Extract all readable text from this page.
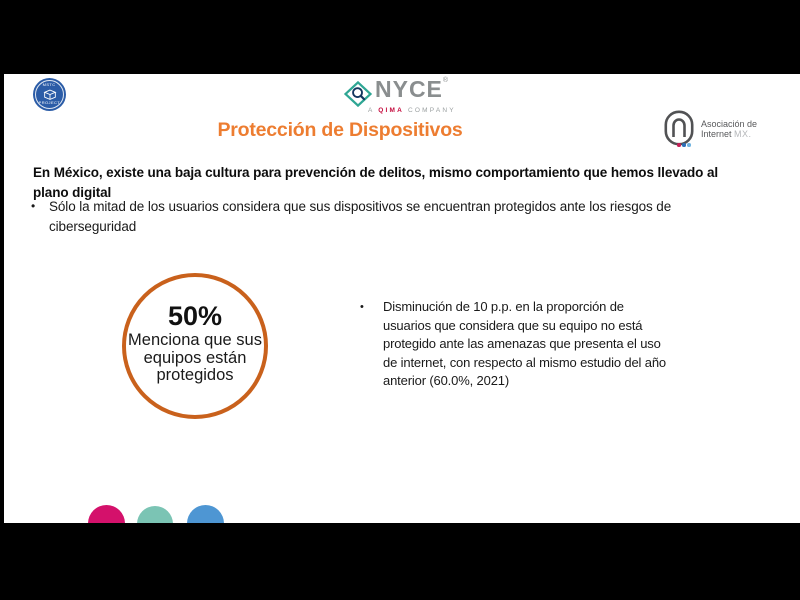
MSTC
PROJECT
NYCE®
A QIMA COMPANY
Protección de Dispositivos	Asociación de
Internet MX.
En México, existe una baja cultura para prevención de delitos, mismo comportamiento que hemos llevado al
plano digital
•	Sólo la mitad de los usuarios considera que sus dispositivos se encuentran protegidos ante los riesgos de
ciberseguridad
50%
Menciona que sus
equipos están
protegidos
•	Disminución de 10 p.p. en la proporción de
usuarios que considera que su equipo no está
protegido ante las amenazas que presenta el uso
de internet, con respecto al mismo estudio del año
anterior (60.0%, 2021)
